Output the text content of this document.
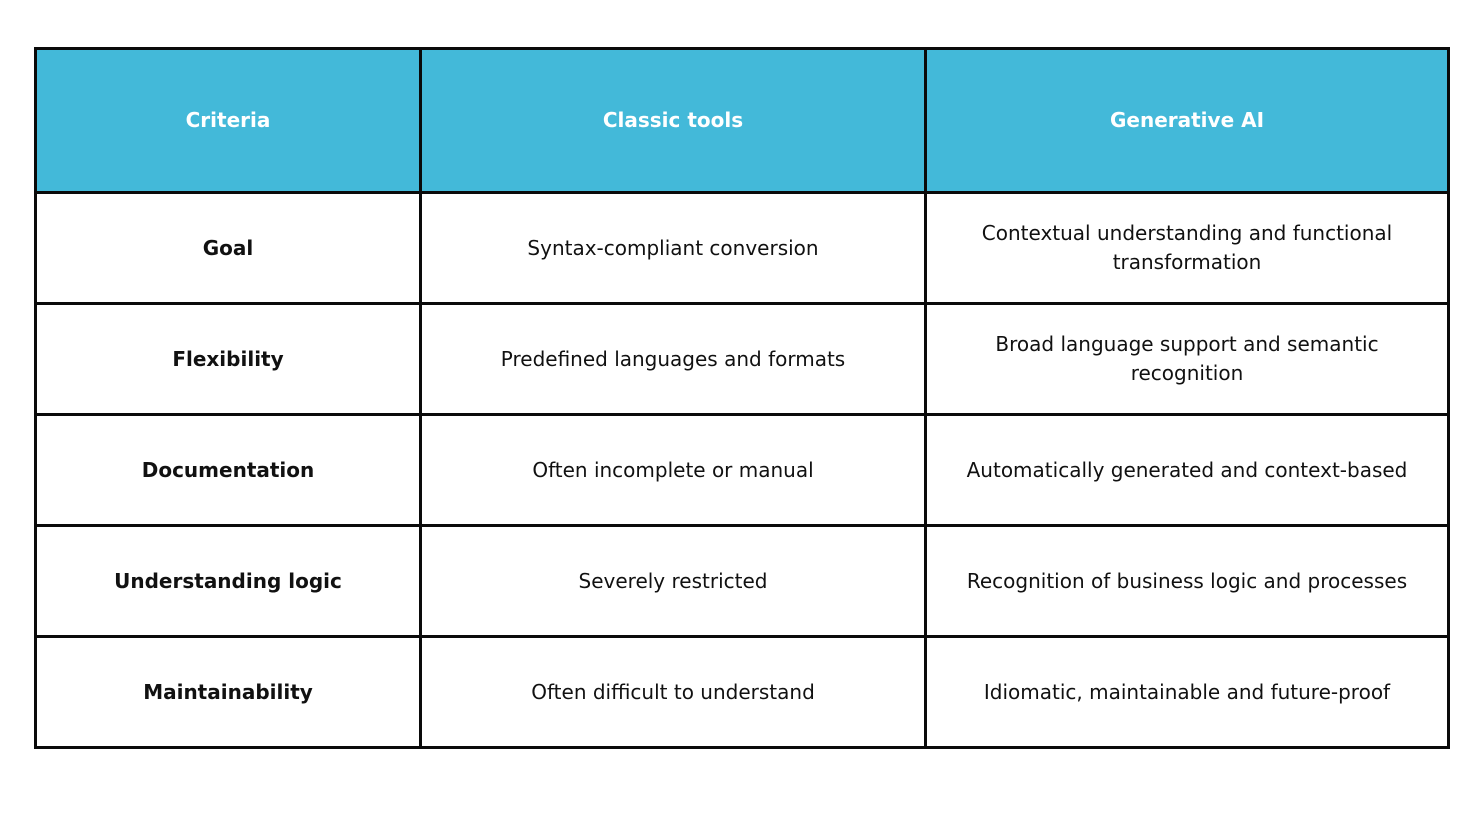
Criteria	Classic tools	Generative AI
Goal	Syntax-compliant conversion	Contextual understanding and functional transformation
Flexibility	Predefined languages and formats	Broad language support and semantic recognition
Documentation	Often incomplete or manual	Automatically generated and context-based
Understanding logic	Severely restricted	Recognition of business logic and processes
Maintainability	Often difficult to understand	Idiomatic, maintainable and future-proof
